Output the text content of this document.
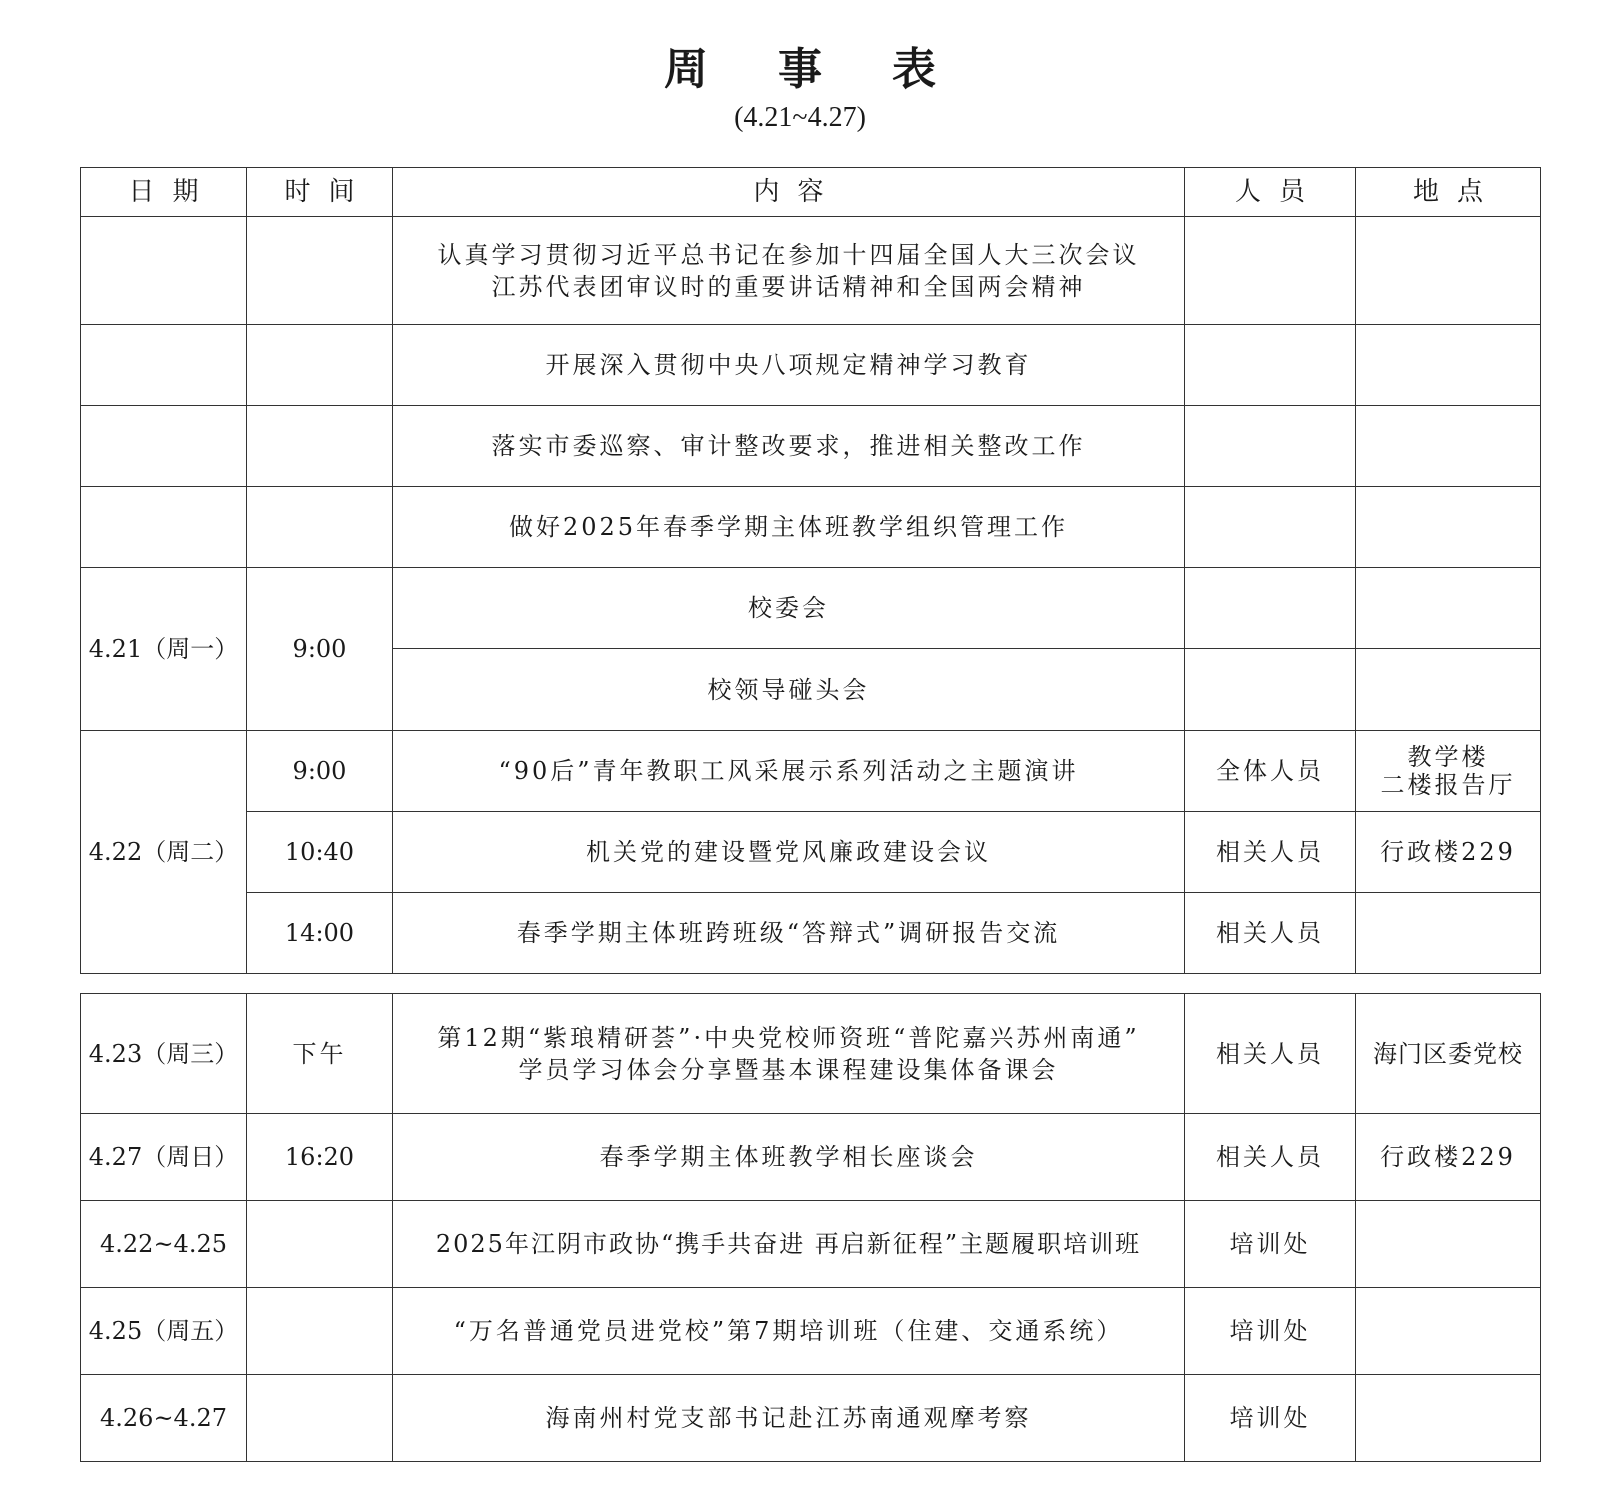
周事表
(4.21~4.27)
日期	时间	内容	人员	地点
		认真学习贯彻习近平总书记在参加十四届全国人大三次会议
江苏代表团审议时的重要讲话精神和全国两会精神		
		开展深入贯彻中央八项规定精神学习教育		
		落实市委巡察、审计整改要求，推进相关整改工作		
		做好2025年春季学期主体班教学组织管理工作		
4.21（周一）	9:00	校委会		
		校领导碰头会		
4.22（周二）	9:00	“90后”青年教职工风采展示系列活动之主题演讲	全体人员	教学楼
二楼报告厅
	10:40	机关党的建设暨党风廉政建设会议	相关人员	行政楼229
	14:00	春季学期主体班跨班级“答辩式”调研报告交流	相关人员	
4.23（周三）	下午	第12期“紫琅精研荟”·中央党校师资班“普陀嘉兴苏州南通”
学员学习体会分享暨基本课程建设集体备课会	相关人员	海门区委党校
4.27（周日）	16:20	春季学期主体班教学相长座谈会	相关人员	行政楼229
4.22~4.25		2025年江阴市政协“携手共奋进 再启新征程”主题履职培训班	培训处	
4.25（周五）		“万名普通党员进党校”第7期培训班（住建、交通系统）	培训处	
4.26~4.27		海南州村党支部书记赴江苏南通观摩考察	培训处	
